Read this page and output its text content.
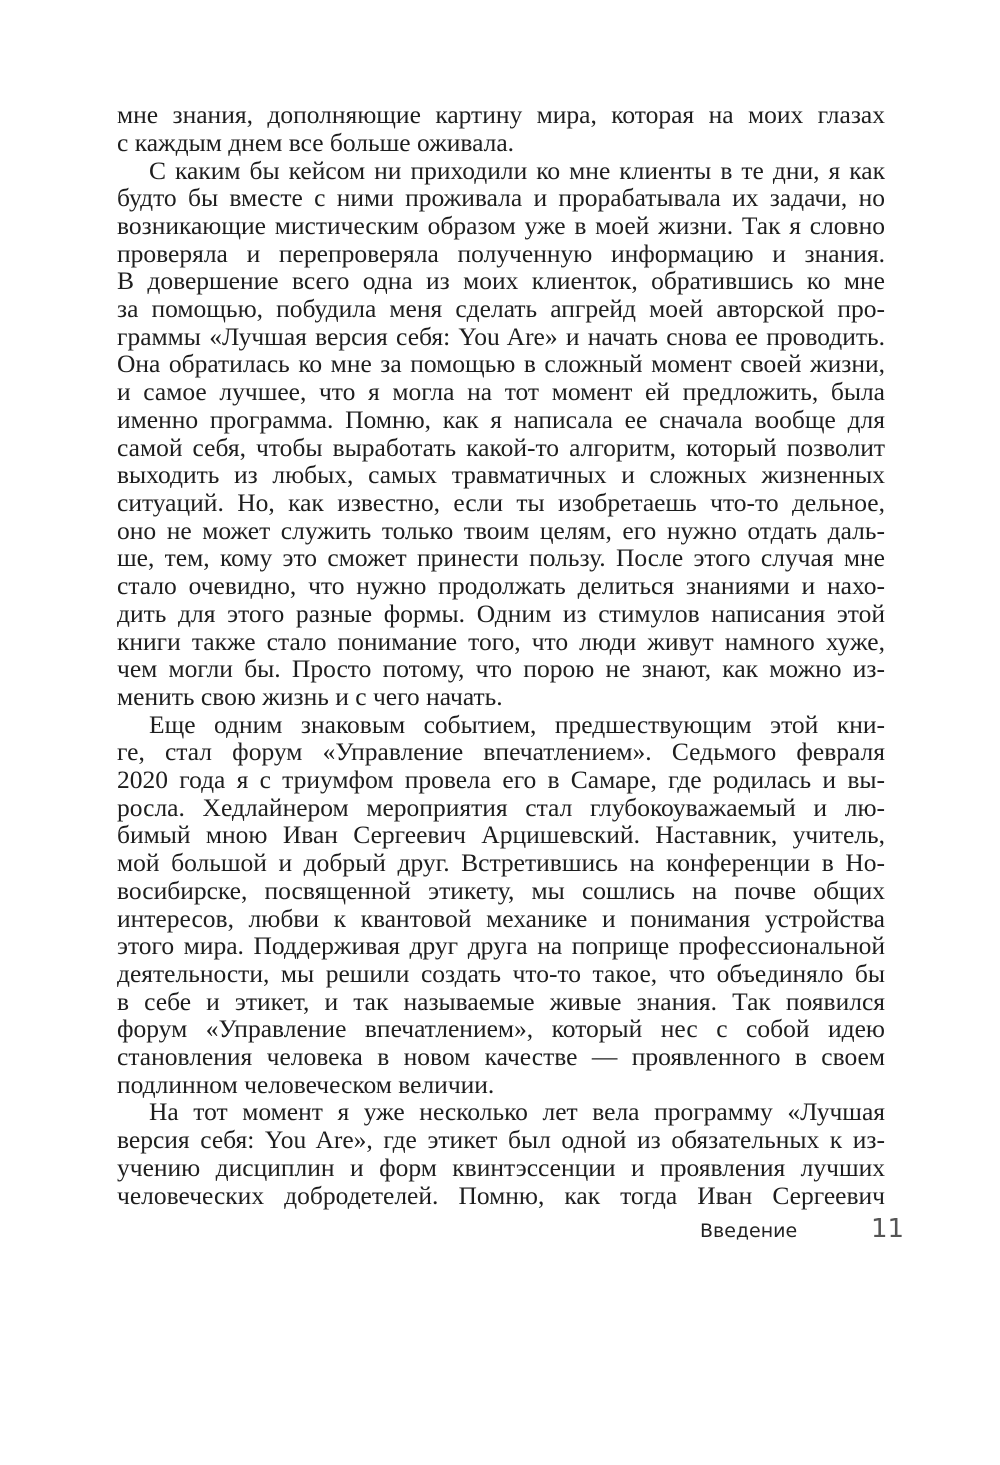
мне знания, дополняющие картину мира, которая на моих глазах
с каждым днем все больше оживала.
С каким бы кейсом ни приходили ко мне клиенты в те дни, я как
будто бы вместе с ними проживала и прорабатывала их задачи, но
возникающие мистическим образом уже в моей жизни. Так я словно
проверяла и перепроверяла полученную информацию и знания.
В довершение всего одна из моих клиенток, обратившись ко мне
за помощью, побудила меня сделать апгрейд моей авторской про-
граммы «Лучшая версия себя: You Are» и начать снова ее проводить.
Она обратилась ко мне за помощью в сложный момент своей жизни,
и самое лучшее, что я могла на тот момент ей предложить, была
именно программа. Помню, как я написала ее сначала вообще для
самой себя, чтобы выработать какой-то алгоритм, который позволит
выходить из любых, самых травматичных и сложных жизненных
ситуаций. Но, как известно, если ты изобретаешь что-то дельное,
оно не может служить только твоим целям, его нужно отдать даль-
ше, тем, кому это сможет принести пользу. После этого случая мне
стало очевидно, что нужно продолжать делиться знаниями и нахо-
дить для этого разные формы. Одним из стимулов написания этой
книги также стало понимание того, что люди живут намного хуже,
чем могли бы. Просто потому, что порою не знают, как можно из-
менить свою жизнь и с чего начать.
Еще одним знаковым событием, предшествующим этой кни-
ге, стал форум «Управление впечатлением». Седьмого февраля
2020 года я с триумфом провела его в Самаре, где родилась и вы-
росла. Хедлайнером мероприятия стал глубокоуважаемый и лю-
бимый мною Иван Сергеевич Арцишевский. Наставник, учитель,
мой большой и добрый друг. Встретившись на конференции в Но-
восибирске, посвященной этикету, мы сошлись на почве общих
интересов, любви к квантовой механике и понимания устройства
этого мира. Поддерживая друг друга на поприще профессиональной
деятельности, мы решили создать что-то такое, что объединяло бы
в себе и этикет, и так называемые живые знания. Так появился
форум «Управление впечатлением», который нес с собой идею
становления человека в новом качестве — проявленного в своем
подлинном человеческом величии.
На тот момент я уже несколько лет вела программу «Лучшая
версия себя: You Are», где этикет был одной из обязательных к из-
учению дисциплин и форм квинтэссенции и проявления лучших
человеческих добродетелей. Помню, как тогда Иван Сергеевич
Введение	11
